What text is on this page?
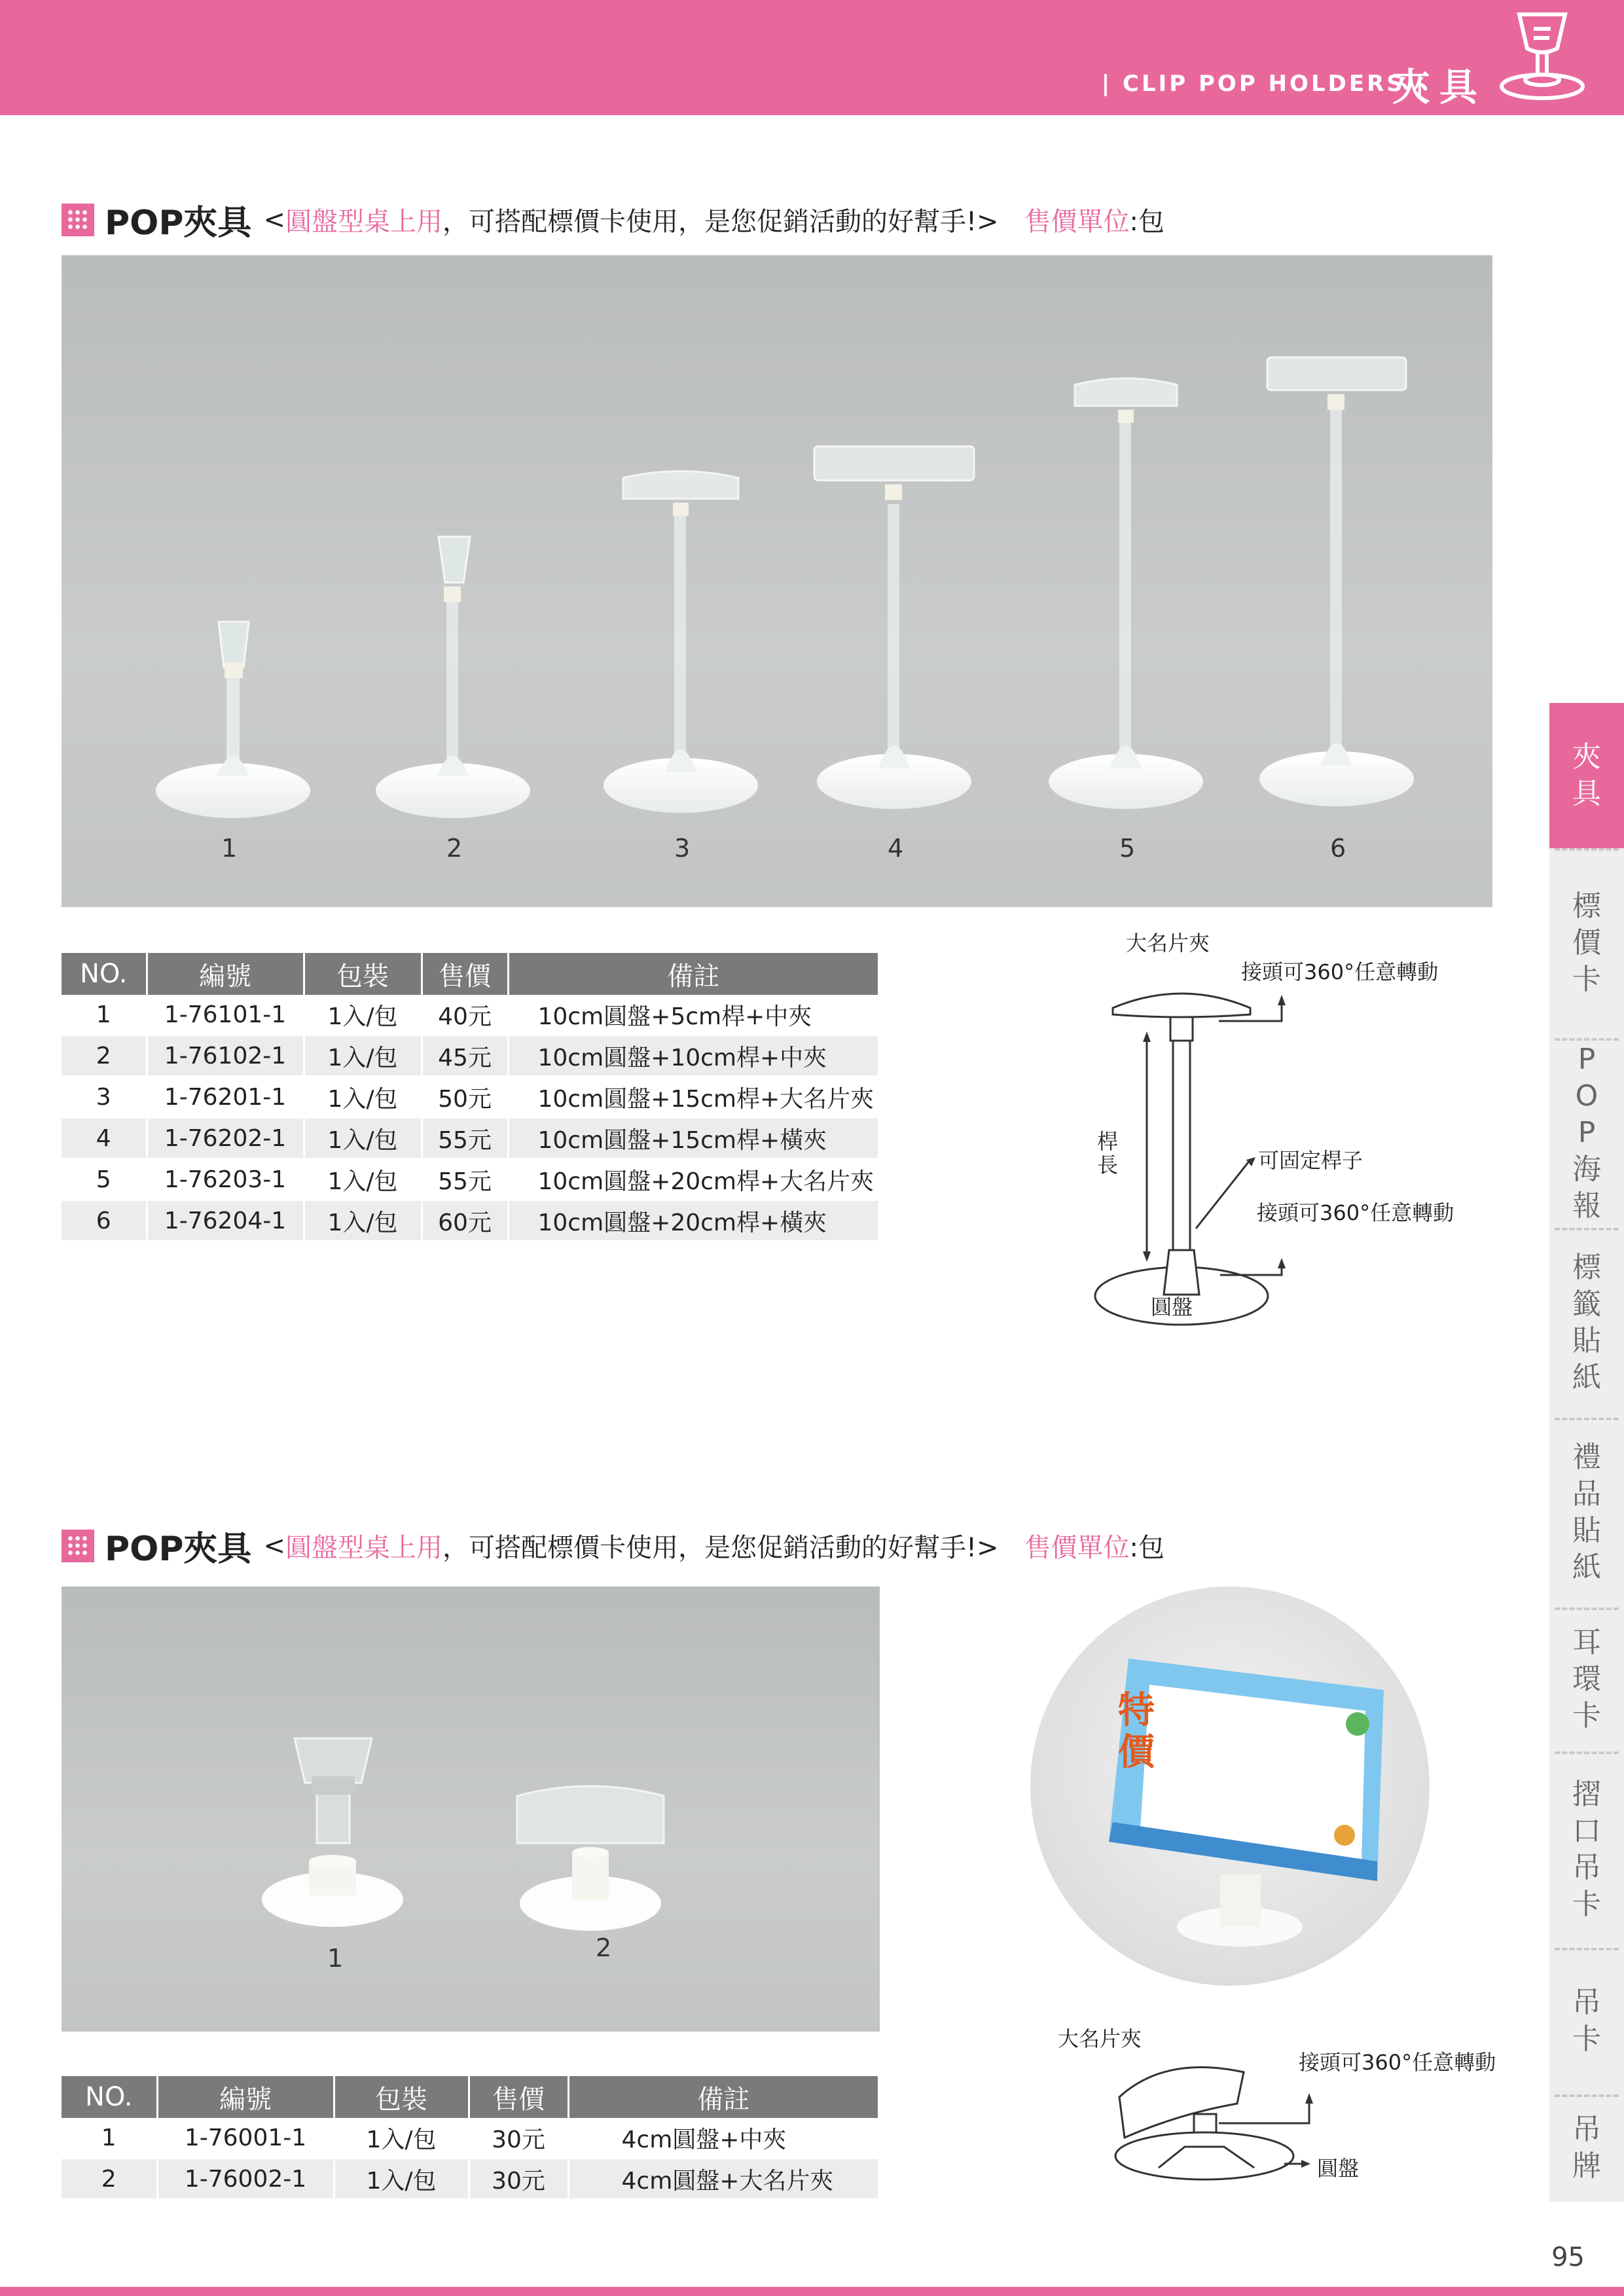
| CLIP POP HOLDERS |
夾具
夾
具
標
價
卡
P
O
P
海
報
標
籤
貼
紙
禮
品
貼
紙
耳
環
卡
摺
口
吊
卡
吊
卡
吊
牌
POP夾具 < 圓盤型桌上用 ，可搭配標價卡使用，是您促銷活動的好幫手!> 售價單位 :包
1	2	3	4	5	6
NO.	編號	包裝	售價	備註
1	1-76101-1	1入/包	40元	10cm圓盤+5cm桿+中夾
2	1-76102-1	1入/包	45元	10cm圓盤+10cm桿+中夾
3	1-76201-1	1入/包	50元	10cm圓盤+15cm桿+大名片夾
4	1-76202-1	1入/包	55元	10cm圓盤+15cm桿+橫夾
5	1-76203-1	1入/包	55元	10cm圓盤+20cm桿+大名片夾
6	1-76204-1	1入/包	60元	10cm圓盤+20cm桿+橫夾
大名片夾
接頭可360°任意轉動
桿長	可固定桿子
接頭可360°任意轉動
圓盤
POP夾具 < 圓盤型桌上用 ，可搭配標價卡使用，是您促銷活動的好幫手!> 售價單位 :包
1	2
特價
NO.	編號	包裝	售價	備註
1	1-76001-1	1入/包	30元	4cm圓盤+中夾
2	1-76002-1	1入/包	30元	4cm圓盤+大名片夾
大名片夾
接頭可360°任意轉動
圓盤
95
